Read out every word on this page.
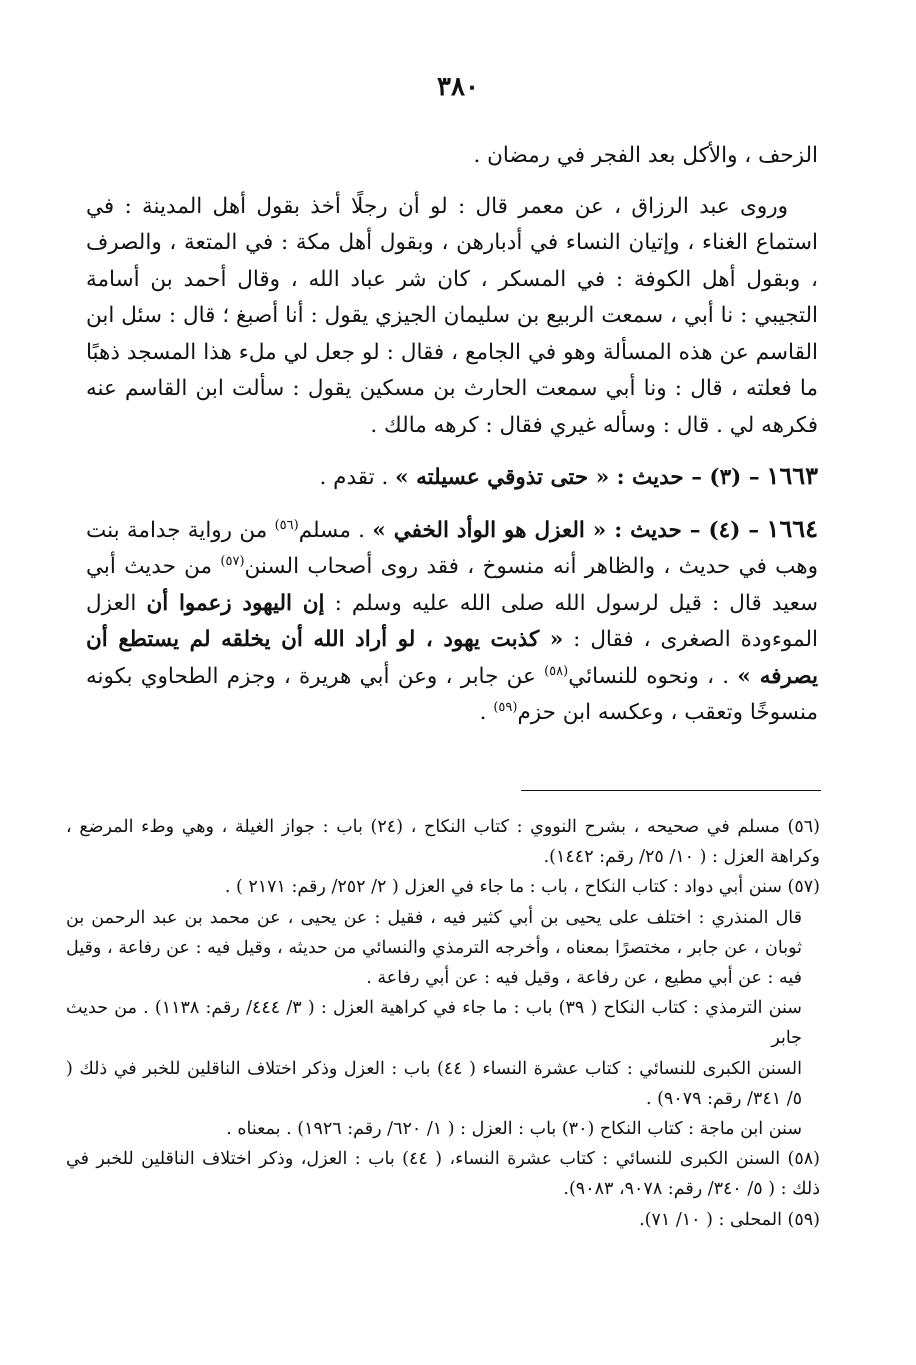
٣٨٠

الزحف ، والأكل بعد الفجر في رمضان .

وروى عبد الرزاق ، عن معمر قال : لو أن رجلًا أخذ بقول أهل المدينة : في استماع الغناء ، وإتيان النساء في أدبارهن ، وبقول أهل مكة : في المتعة ، والصرف ، وبقول أهل الكوفة : في المسكر ، كان شر عباد الله ، وقال أحمد بن أسامة التجيبي : نا أبي ، سمعت الربيع بن سليمان الجيزي يقول : أنا أصبغ ؛ قال : سئل ابن القاسم عن هذه المسألة وهو في الجامع ، فقال : لو جعل لي ملء هذا المسجد ذهبًا ما فعلته ، قال : ونا أبي سمعت الحارث بن مسكين يقول : سألت ابن القاسم عنه فكرهه لي . قال : وسأله غيري فقال : كرهه مالك .

١٦٦٣ – (٣) – حديث : « حتى تذوقي عسيلته » . تقدم .

١٦٦٤ – (٤) – حديث : « العزل هو الوأد الخفي » . مسلم$^{(٥٦)}$ من رواية جدامة بنت وهب في حديث ، والظاهر أنه منسوخ ، فقد روى أصحاب السنن$^{(٥٧)}$ من حديث أبي سعيد قال : قيل لرسول الله صلى الله عليه وسلم : إن اليهود زعموا أن العزل الموءودة الصغرى ، فقال : « كذبت يهود ، لو أراد الله أن يخلقه لم يستطع أن يصرفه » . ، ونحوه للنسائي$^{(٥٨)}$ عن جابر ، وعن أبي هريرة ، وجزم الطحاوي بكونه منسوخًا وتعقب ، وعكسه ابن حزم$^{(٥٩)}$ .

(٥٦) مسلم في صحيحه ، بشرح النووي : كتاب النكاح ، (٢٤) باب : جواز الغيلة ، وهي وطء المرضع ، وكراهة العزل : ( ١٠/ ٢٥/ رقم: ١٤٤٢).

(٥٧) سنن أبي دواد : كتاب النكاح ، باب : ما جاء في العزل ( ٢/ ٢٥٢/ رقم: ٢١٧١ ) .

قال المنذري : اختلف على يحيى بن أبي كثير فيه ، فقيل : عن يحيى ، عن محمد بن عبد الرحمن بن ثوبان ، عن جابر ، مختصرًا بمعناه ، وأخرجه الترمذي والنسائي من حديثه ، وقيل فيه : عن رفاعة ، وقيل فيه : عن أبي مطيع ، عن رفاعة ، وقيل فيه : عن أبي رفاعة .

سنن الترمذي : كتاب النكاح ( ٣٩) باب : ما جاء في كراهية العزل : ( ٣/ ٤٤٤/ رقم: ١١٣٨) . من حديث جابر

السنن الكبرى للنسائي : كتاب عشرة النساء ( ٤٤) باب : العزل وذكر اختلاف الناقلين للخبر في ذلك ( ٥/ ٣٤١/ رقم: ٩٠٧٩) .

سنن ابن ماجة : كتاب النكاح (٣٠) باب : العزل : ( ١/ ٦٢٠/ رقم: ١٩٢٦) . بمعناه .

(٥٨) السنن الكبرى للنسائي : كتاب عشرة النساء، ( ٤٤) باب : العزل، وذكر اختلاف الناقلين للخبر في ذلك : ( ٥/ ٣٤٠/ رقم: ٩٠٧٨، ٩٠٨٣).

(٥٩) المحلى : ( ١٠/ ٧١).
